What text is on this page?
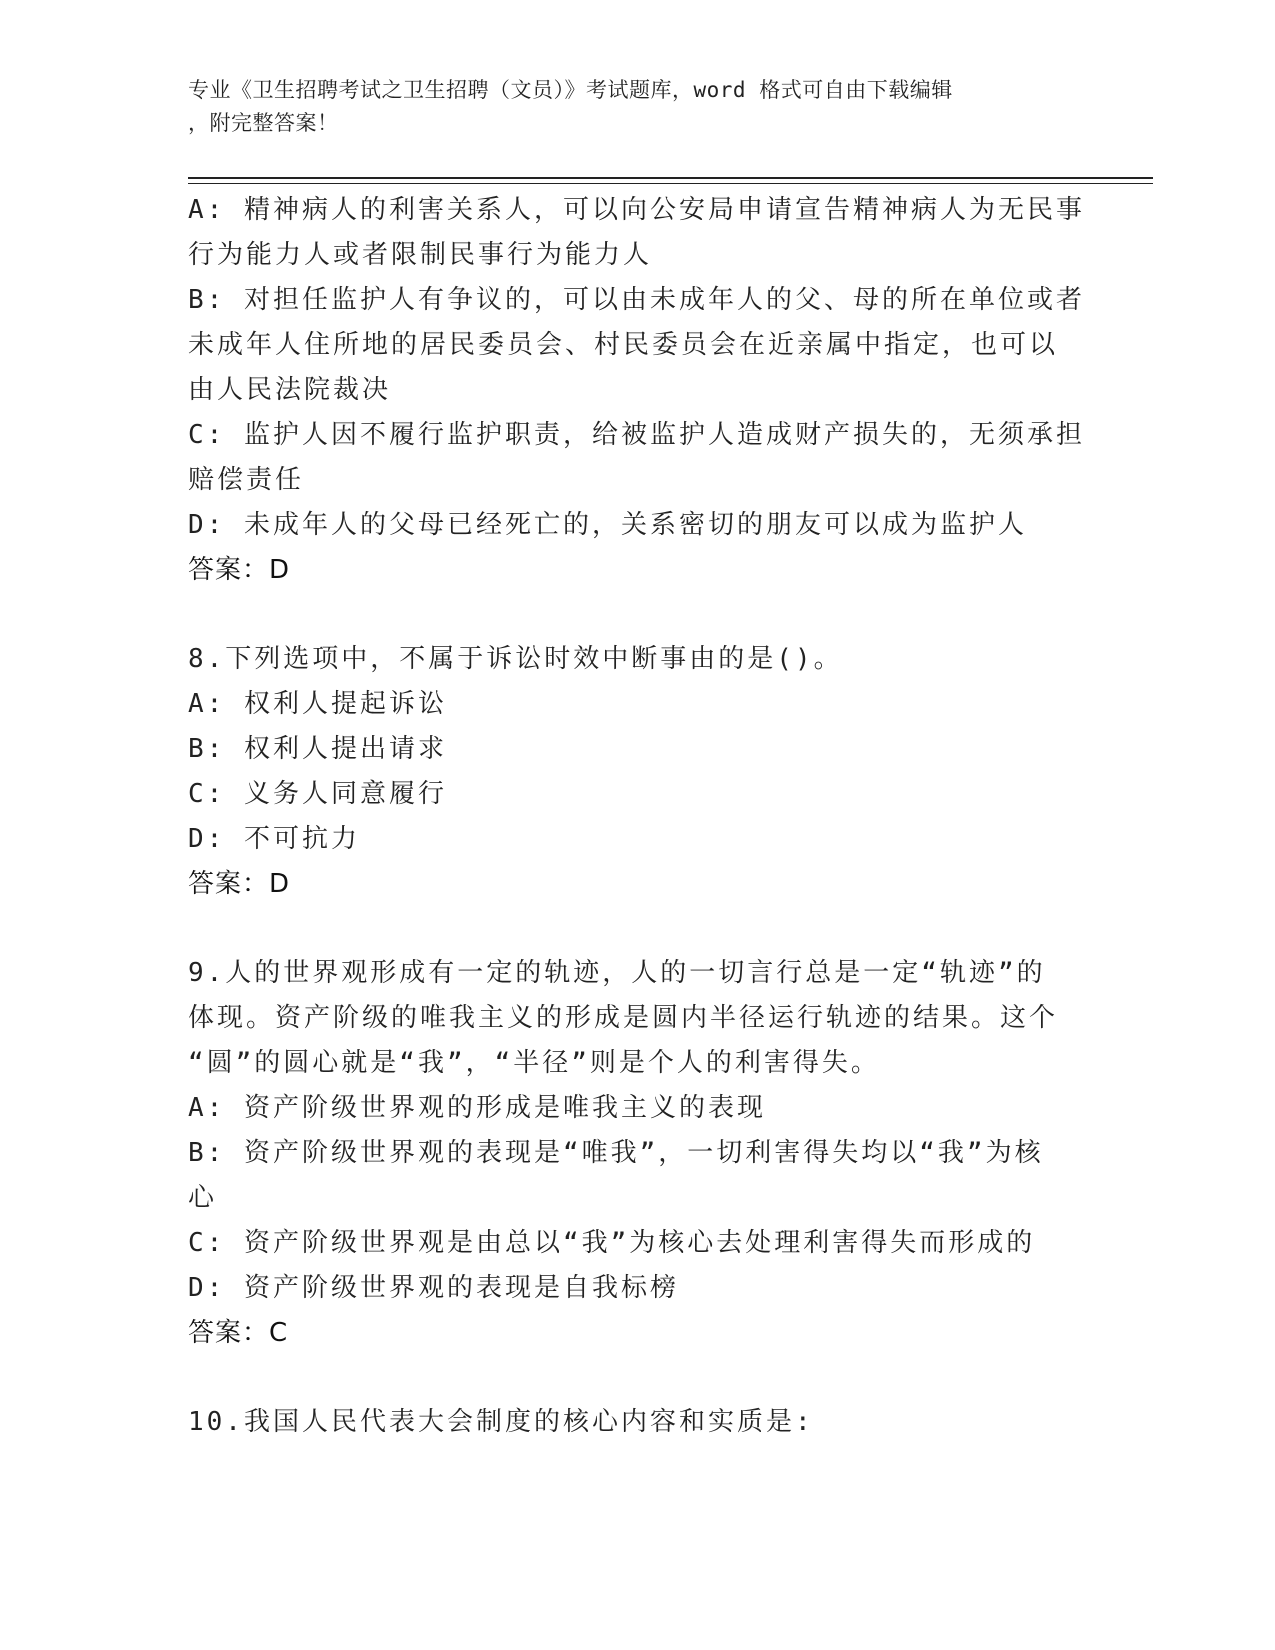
专业《卫生招聘考试之卫生招聘（文员）》考试题库，word 格式可自由下载编辑
，附完整答案！
A: 精神病人的利害关系人，可以向公安局申请宣告精神病人为无民事
行为能力人或者限制民事行为能力人
B: 对担任监护人有争议的，可以由未成年人的父、母的所在单位或者
未成年人住所地的居民委员会、村民委员会在近亲属中指定，也可以
由人民法院裁决
C: 监护人因不履行监护职责，给被监护人造成财产损失的，无须承担
赔偿责任
D: 未成年人的父母已经死亡的，关系密切的朋友可以成为监护人
答案：D
8.下列选项中，不属于诉讼时效中断事由的是()。
A: 权利人提起诉讼
B: 权利人提出请求
C: 义务人同意履行
D: 不可抗力
答案：D
9.人的世界观形成有一定的轨迹，人的一切言行总是一定“轨迹”的
体现。资产阶级的唯我主义的形成是圆内半径运行轨迹的结果。这个
“圆”的圆心就是“我”，“半径”则是个人的利害得失。
A: 资产阶级世界观的形成是唯我主义的表现
B: 资产阶级世界观的表现是“唯我”，一切利害得失均以“我”为核
心
C: 资产阶级世界观是由总以“我”为核心去处理利害得失而形成的
D: 资产阶级世界观的表现是自我标榜
答案：C
10.我国人民代表大会制度的核心内容和实质是:
